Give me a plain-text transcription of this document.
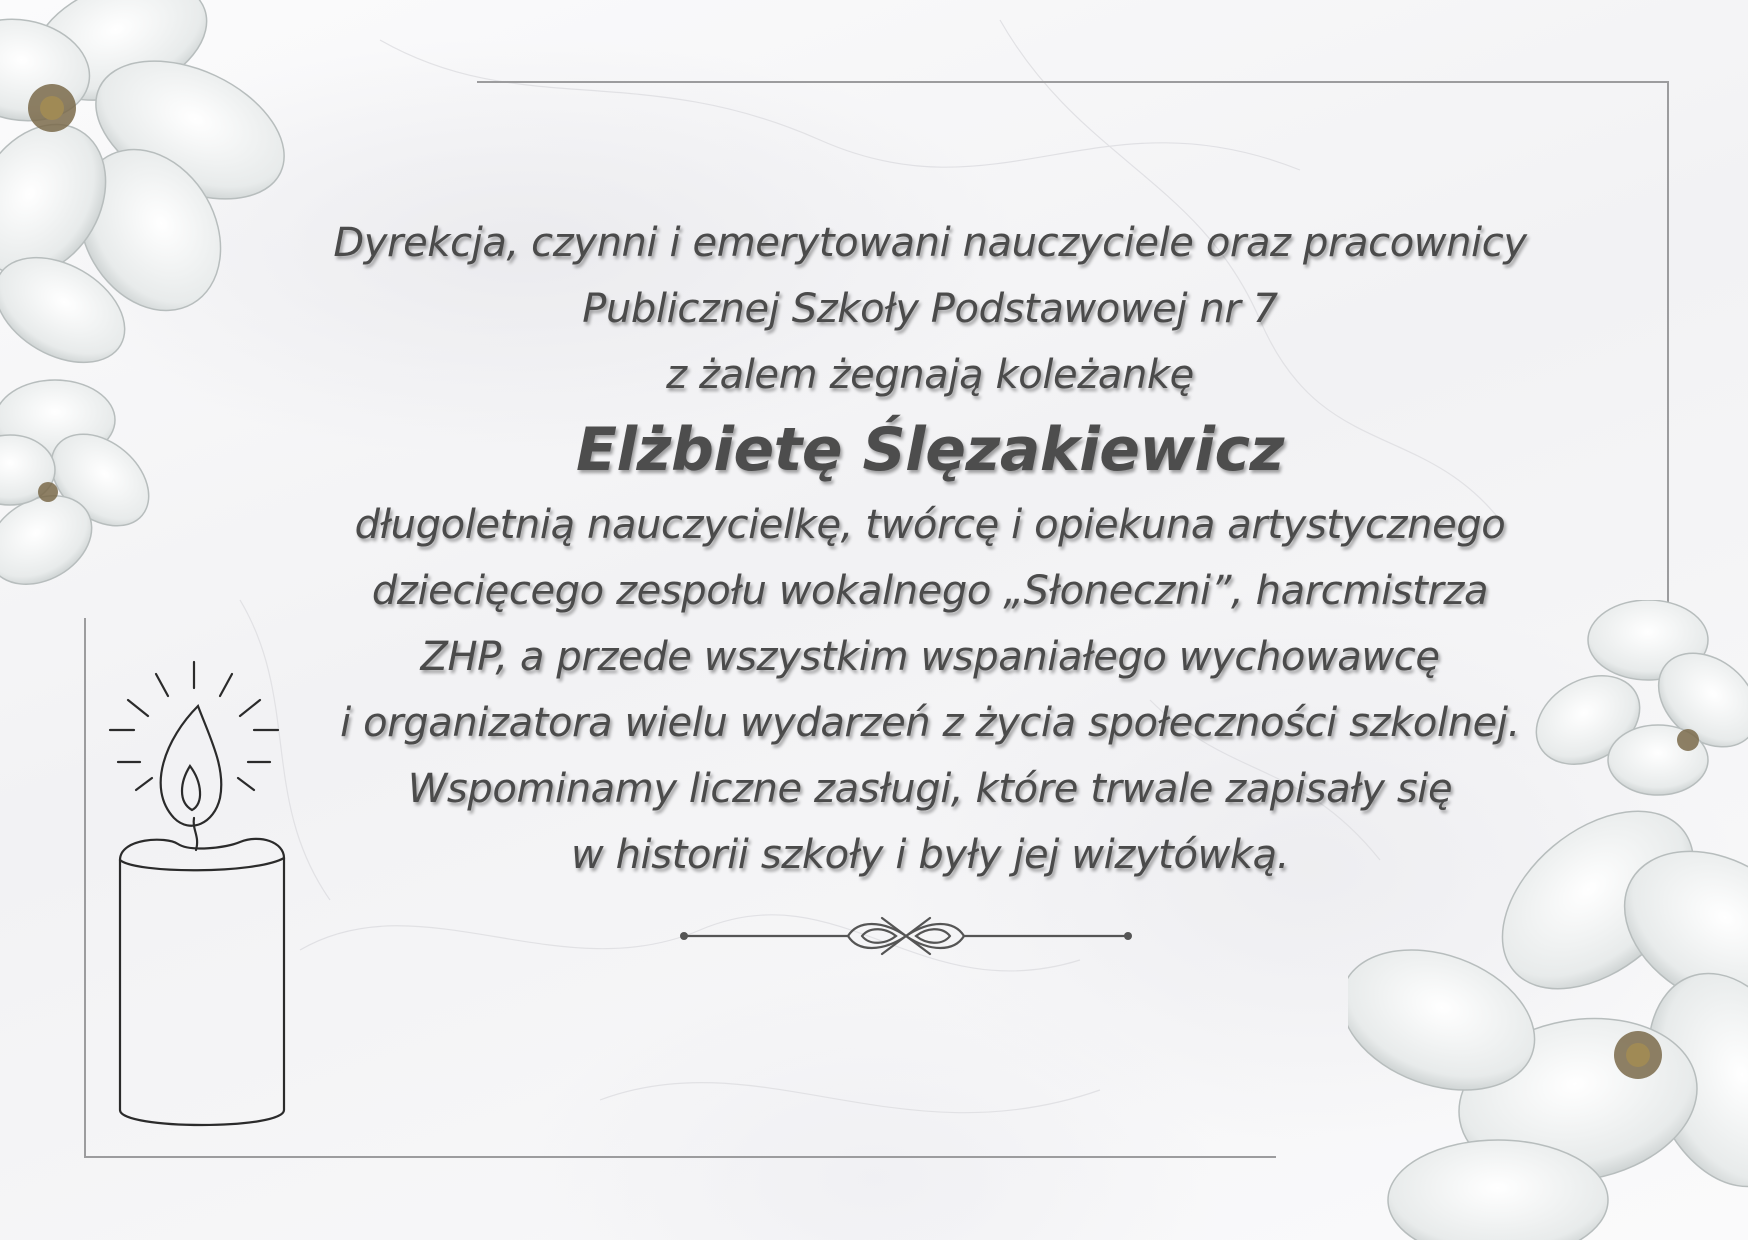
Dyrekcja, czynni i emerytowani nauczyciele oraz pracownicy
Publicznej Szkoły Podstawowej nr 7
z żalem żegnają koleżankę
Elżbietę Ślęzakiewicz
długoletnią nauczycielkę, twórcę i opiekuna artystycznego
dziecięcego zespołu wokalnego „Słoneczni”, harcmistrza
ZHP, a przede wszystkim wspaniałego wychowawcę
i organizatora wielu wydarzeń z życia społeczności szkolnej.
Wspominamy liczne zasługi, które trwale zapisały się
w historii szkoły i były jej wizytówką.
